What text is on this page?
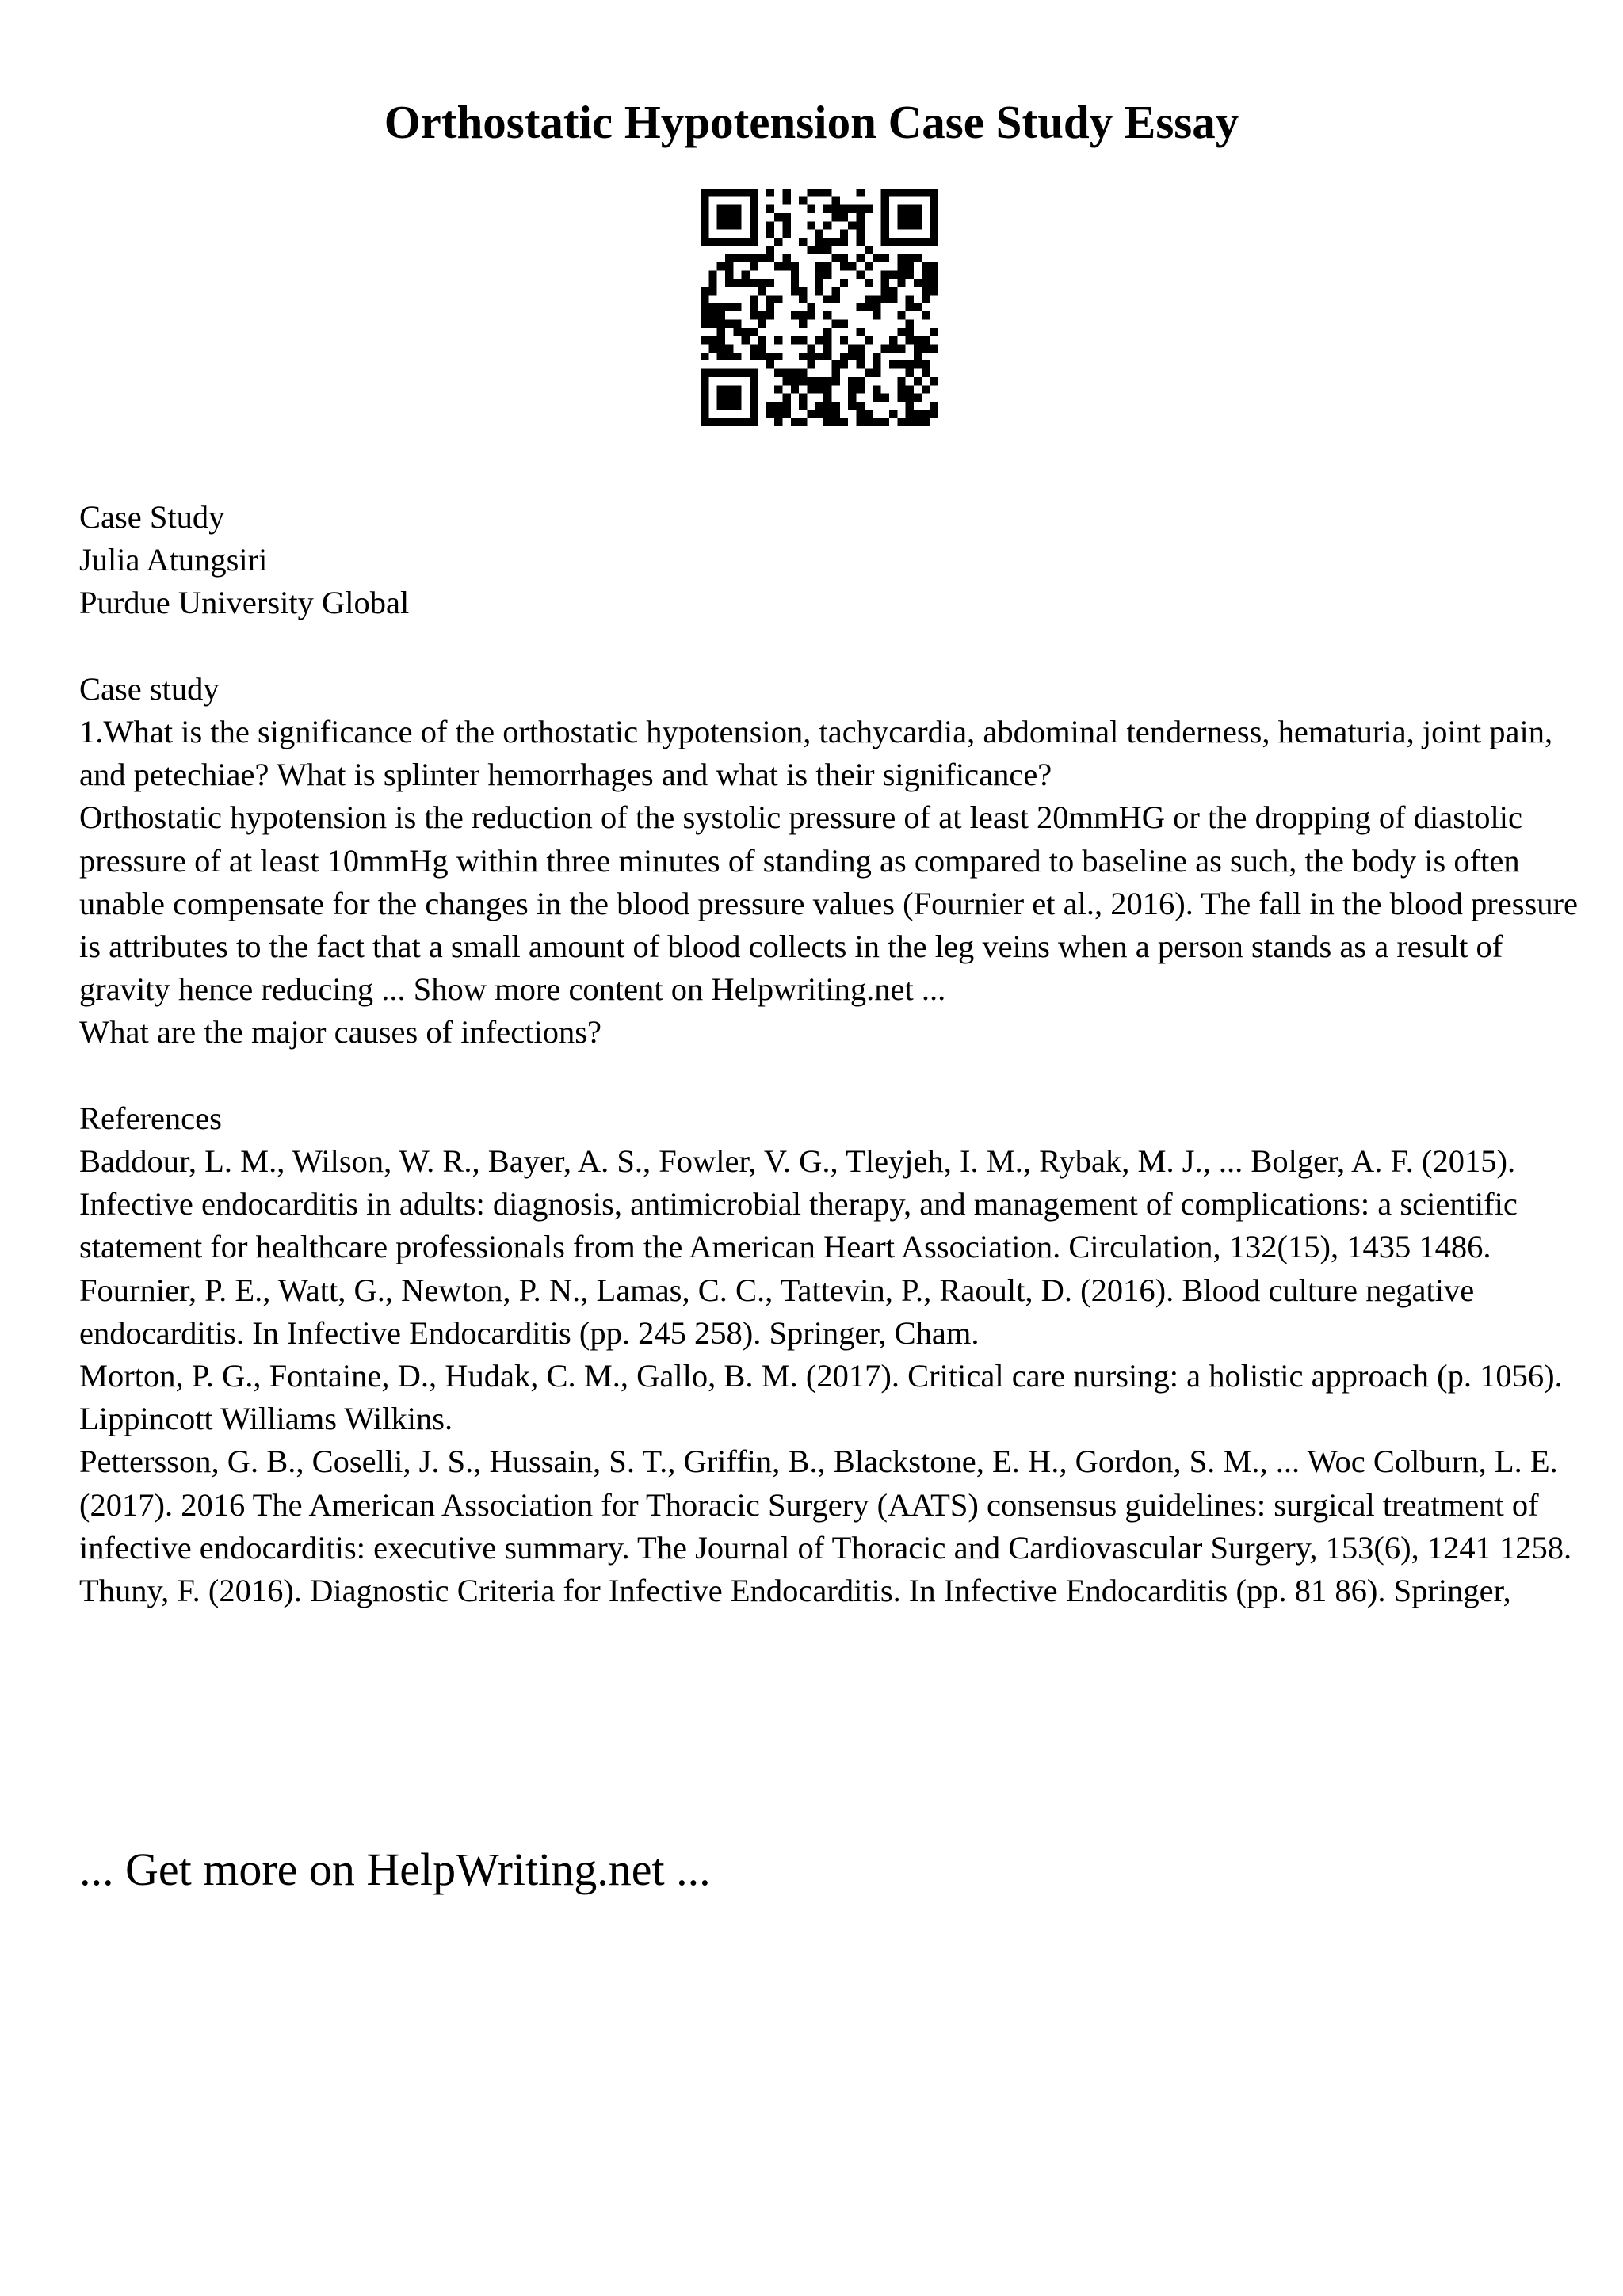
Orthostatic Hypotension Case Study Essay

Case Study

Julia Atungsiri

Purdue University Global

Case study

1.What is the significance of the orthostatic hypotension, tachycardia, abdominal tenderness, hematuria, joint pain, and petechiae? What is splinter hemorrhages and what is their significance?

Orthostatic hypotension is the reduction of the systolic pressure of at least 20mmHG or the dropping of diastolic pressure of at least 10mmHg within three minutes of standing as compared to baseline as such, the body is often unable compensate for the changes in the blood pressure values (Fournier et al., 2016). The fall in the blood pressure is attributes to the fact that a small amount of blood collects in the leg veins when a person stands as a result of gravity hence reducing ... Show more content on Helpwriting.net ...

What are the major causes of infections?

References

Baddour, L. M., Wilson, W. R., Bayer, A. S., Fowler, V. G., Tleyjeh, I. M., Rybak, M. J., ... Bolger, A. F. (2015). Infective endocarditis in adults: diagnosis, antimicrobial therapy, and management of complications: a scientific statement for healthcare professionals from the American Heart Association. Circulation, 132(15), 1435 1486.

Fournier, P. E., Watt, G., Newton, P. N., Lamas, C. C., Tattevin, P., Raoult, D. (2016). Blood culture negative endocarditis. In Infective Endocarditis (pp. 245 258). Springer, Cham.

Morton, P. G., Fontaine, D., Hudak, C. M., Gallo, B. M. (2017). Critical care nursing: a holistic approach (p. 1056). Lippincott Williams Wilkins.

Pettersson, G. B., Coselli, J. S., Hussain, S. T., Griffin, B., Blackstone, E. H., Gordon, S. M., ... Woc Colburn, L. E. (2017). 2016 The American Association for Thoracic Surgery (AATS) consensus guidelines: surgical treatment of infective endocarditis: executive summary. The Journal of Thoracic and Cardiovascular Surgery, 153(6), 1241 1258.

Thuny, F. (2016). Diagnostic Criteria for Infective Endocarditis. In Infective Endocarditis (pp. 81 86). Springer,

... Get more on HelpWriting.net ...
